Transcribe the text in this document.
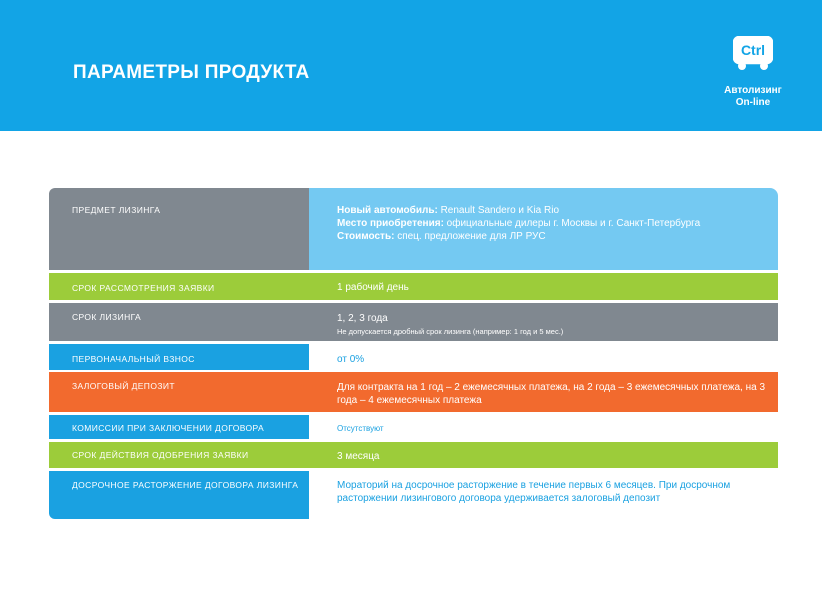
ПАРАМЕТРЫ ПРОДУКТА
Ctrl
Автолизинг
On-line
ПРЕДМЕТ ЛИЗИНГА	Новый автомобиль: Renault Sandero и Kia Rio
Место приобретения: официальные дилеры г. Москвы и г. Санкт-Петербурга
Стоимость: спец. предложение для ЛР РУС
СРОК РАССМОТРЕНИЯ ЗАЯВКИ	1 рабочий день
СРОК ЛИЗИНГА	1, 2, 3 года
Не допускается дробный срок лизинга (например: 1 год и 5 мес.)
ПЕРВОНАЧАЛЬНЫЙ ВЗНОС	от 0%
ЗАЛОГОВЫЙ ДЕПОЗИТ	Для контракта на 1 год – 2 ежемесячных платежа, на 2 года – 3 ежемесячных платежа, на 3 года – 4 ежемесячных платежа
КОМИССИИ ПРИ ЗАКЛЮЧЕНИИ ДОГОВОРА	Отсутствуют
СРОК ДЕЙСТВИЯ ОДОБРЕНИЯ ЗАЯВКИ	3 месяца
ДОСРОЧНОЕ РАСТОРЖЕНИЕ ДОГОВОРА ЛИЗИНГА	Мораторий на досрочное расторжение в течение первых 6 месяцев. При досрочном расторжении лизингового договора удерживается залоговый депозит
